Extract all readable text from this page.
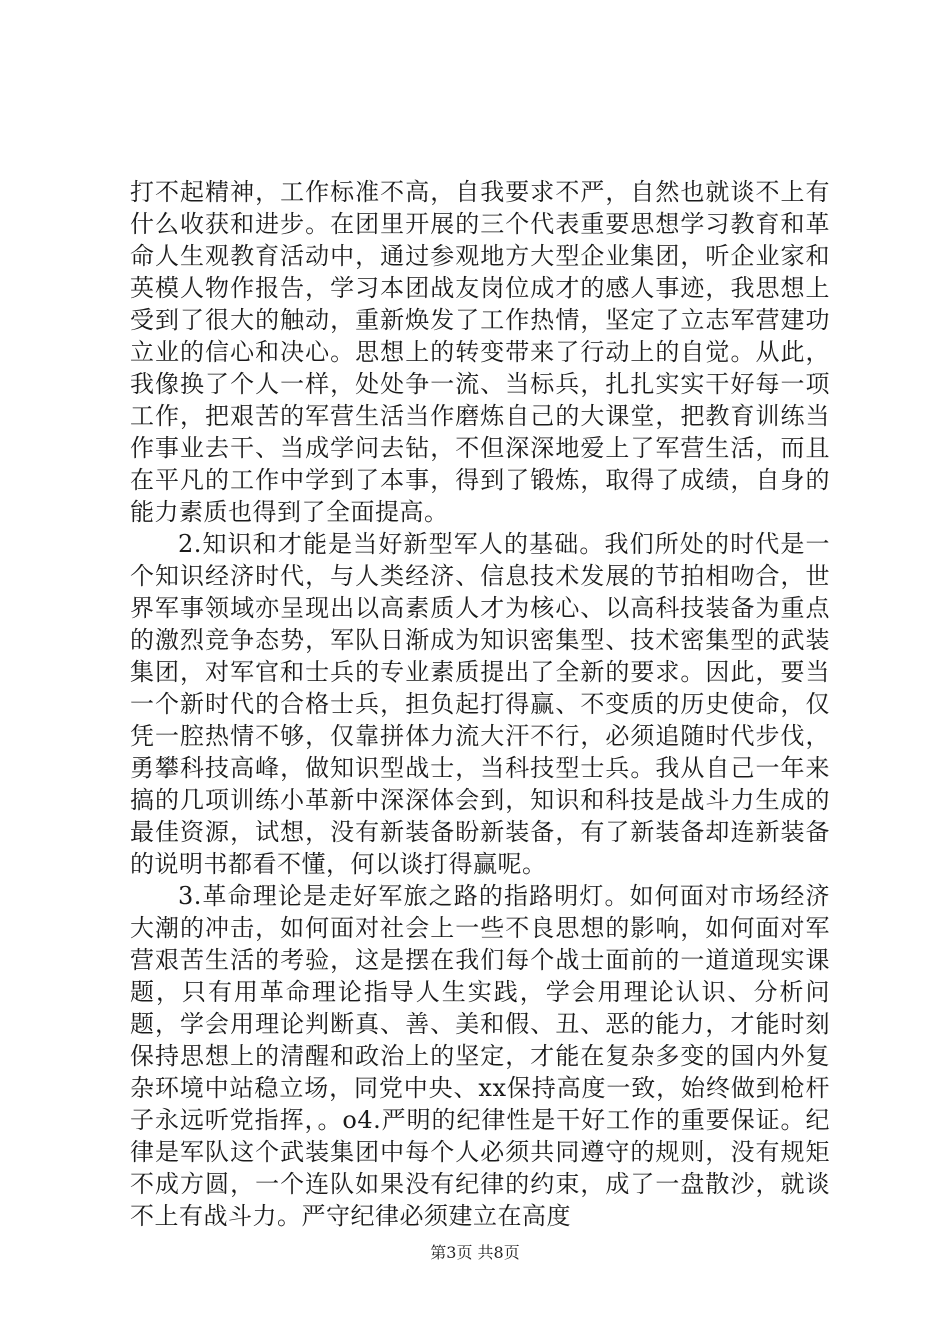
打不起精神，工作标准不高，自我要求不严，自然也就谈不上有什么收获和进步。在团里开展的三个代表重要思想学习教育和革命人生观教育活动中，通过参观地方大型企业集团，听企业家和英模人物作报告，学习本团战友岗位成才的感人事迹，我思想上受到了很大的触动，重新焕发了工作热情，坚定了立志军营建功立业的信心和决心。思想上的转变带来了行动上的自觉。从此，我像换了个人一样，处处争一流、当标兵，扎扎实实干好每一项工作，把艰苦的军营生活当作磨炼自己的大课堂，把教育训练当作事业去干、当成学问去钻，不但深深地爱上了军营生活，而且在平凡的工作中学到了本事，得到了锻炼，取得了成绩，自身的能力素质也得到了全面提高。

2.知识和才能是当好新型军人的基础。我们所处的时代是一个知识经济时代，与人类经济、信息技术发展的节拍相吻合，世界军事领域亦呈现出以高素质人才为核心、以高科技装备为重点的激烈竞争态势，军队日渐成为知识密集型、技术密集型的武装集团，对军官和士兵的专业素质提出了全新的要求。因此，要当一个新时代的合格士兵，担负起打得赢、不变质的历史使命，仅凭一腔热情不够，仅靠拼体力流大汗不行，必须追随时代步伐，勇攀科技高峰，做知识型战士，当科技型士兵。我从自己一年来搞的几项训练小革新中深深体会到，知识和科技是战斗力生成的最佳资源，试想，没有新装备盼新装备，有了新装备却连新装备的说明书都看不懂，何以谈打得赢呢。

3.革命理论是走好军旅之路的指路明灯。如何面对市场经济大潮的冲击，如何面对社会上一些不良思想的影响，如何面对军营艰苦生活的考验，这是摆在我们每个战士面前的一道道现实课题，只有用革命理论指导人生实践，学会用理论认识、分析问题，学会用理论判断真、善、美和假、丑、恶的能力，才能时刻保持思想上的清醒和政治上的坚定，才能在复杂多变的国内外复杂环境中站稳立场，同党中央、xx保持高度一致，始终做到枪杆子永远听党指挥，。o4.严明的纪律性是干好工作的重要保证。纪律是军队这个武装集团中每个人必须共同遵守的规则，没有规矩不成方圆，一个连队如果没有纪律的约束，成了一盘散沙，就谈不上有战斗力。严守纪律必须建立在高度

第3页 共8页
